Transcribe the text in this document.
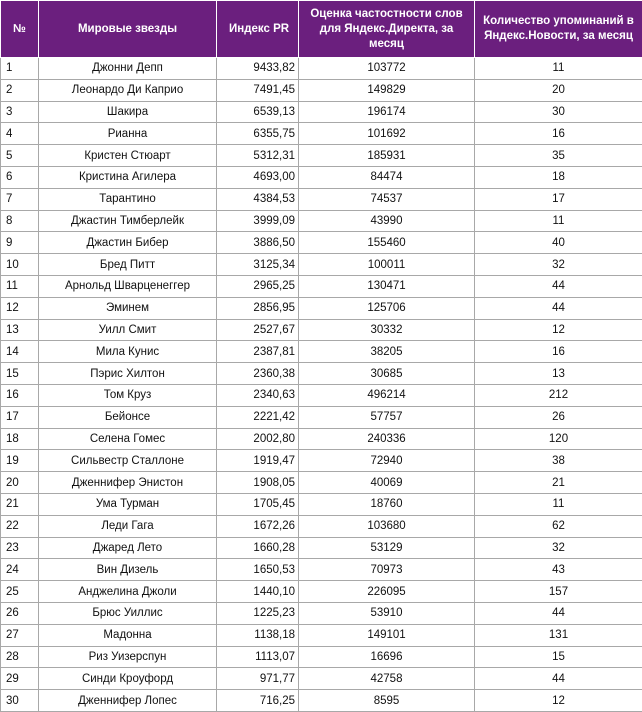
№	Мировые звезды	Индекс PR	Оценка частостности слов для Яндекс.Директа, за месяц	Количество упоминаний в Яндекс.Новости, за месяц
1	Джонни Депп	9433,82	103772	11
2	Леонардо Ди Каприо	7491,45	149829	20
3	Шакира	6539,13	196174	30
4	Рианна	6355,75	101692	16
5	Кристен Стюарт	5312,31	185931	35
6	Кристина Агилера	4693,00	84474	18
7	Тарантино	4384,53	74537	17
8	Джастин Тимберлейк	3999,09	43990	11
9	Джастин Бибер	3886,50	155460	40
10	Бред Питт	3125,34	100011	32
11	Арнольд Шварценеггер	2965,25	130471	44
12	Эминем	2856,95	125706	44
13	Уилл Смит	2527,67	30332	12
14	Мила Кунис	2387,81	38205	16
15	Пэрис Хилтон	2360,38	30685	13
16	Том Круз	2340,63	496214	212
17	Бейонсе	2221,42	57757	26
18	Селена Гомес	2002,80	240336	120
19	Сильвестр Сталлоне	1919,47	72940	38
20	Дженнифер Энистон	1908,05	40069	21
21	Ума Турман	1705,45	18760	11
22	Леди Гага	1672,26	103680	62
23	Джаред Лето	1660,28	53129	32
24	Вин Дизель	1650,53	70973	43
25	Анджелина Джоли	1440,10	226095	157
26	Брюс Уиллис	1225,23	53910	44
27	Мадонна	1138,18	149101	131
28	Риз Уизерспун	1113,07	16696	15
29	Синди Кроуфорд	971,77	42758	44
30	Дженнифер Лопес	716,25	8595	12
